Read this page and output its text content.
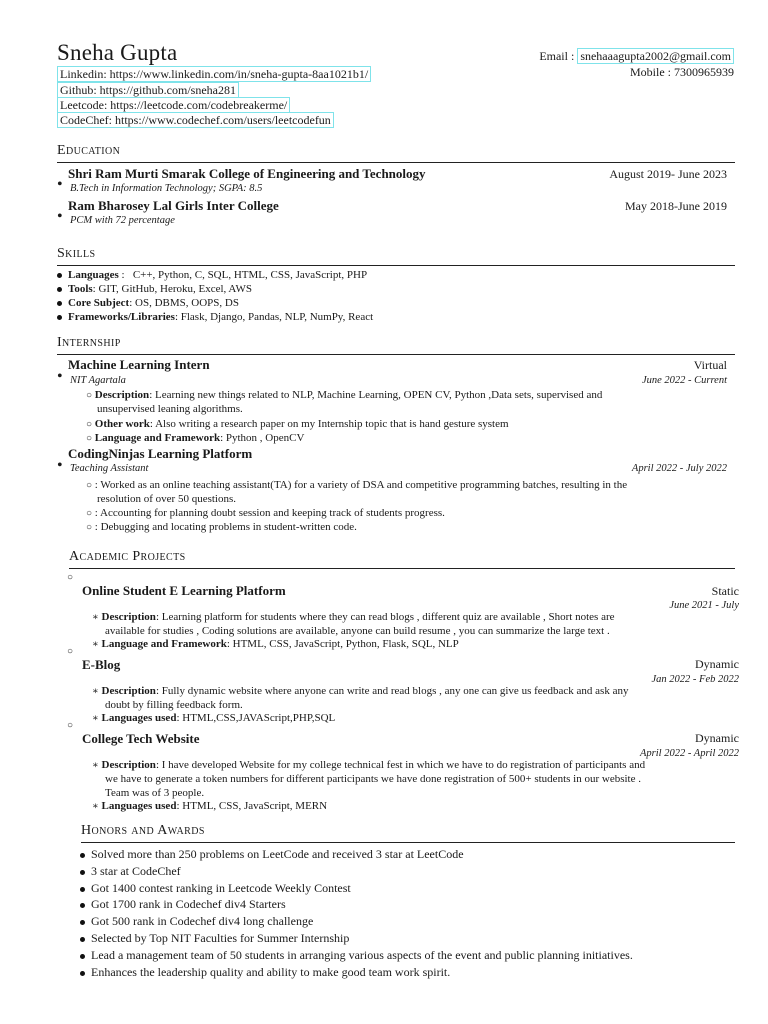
Sneha Gupta
Linkedin: https://www.linkedin.com/in/sneha-gupta-8aa1021b1/
Github: https://github.com/sneha281
Leetcode: https://leetcode.com/codebreakerme/
CodeChef: https://www.codechef.com/users/leetcodefun
Email : snehaaagupta2002@gmail.com
Mobile : 7300965939
Education
•
Shri Ram Murti Smarak College of Engineering and Technology	August 2019- June 2023
B.Tech in Information Technology; SGPA: 8.5
•
Ram Bharosey Lal Girls Inter College	May 2018-June 2019
PCM with 72 percentage
Skills
Languages :   C++, Python, C, SQL, HTML, CSS, JavaScript, PHP
Tools: GIT, GitHub, Heroku, Excel, AWS
Core Subject: OS, DBMS, OOPS, DS
Frameworks/Libraries: Flask, Django, Pandas, NLP, NumPy, React
Internship
•
Machine Learning Intern	Virtual
NIT Agartala	June 2022 - Current
○ Description: Learning new things related to NLP, Machine Learning, OPEN CV, Python ,Data sets, supervised and
unsupervised leaning algorithms.
○ Other work: Also writing a research paper on my Internship topic that is hand gesture system
○ Language and Framework: Python , OpenCV
•
CodingNinjas Learning Platform
Teaching Assistant	April 2022 - July 2022
○ : Worked as an online teaching assistant(TA) for a variety of DSA and competitive programming batches, resulting in the
resolution of over 50 questions.
○ : Accounting for planning doubt session and keeping track of students progress.
○ : Debugging and locating problems in student-written code.
Academic Projects
○
Online Student E Learning Platform	Static
June 2021 - July
∗ Description: Learning platform for students where they can read blogs , different quiz are available , Short notes are
available for studies , Coding solutions are available, anyone can build resume , you can summarize the large text .
∗ Language and Framework: HTML, CSS, JavaScript, Python, Flask, SQL, NLP
○
E-Blog	Dynamic
Jan 2022 - Feb 2022
∗ Description: Fully dynamic website where anyone can write and read blogs , any one can give us feedback and ask any
doubt by filling feedback form.
∗ Languages used: HTML,CSS,JAVAScript,PHP,SQL
○
College Tech Website	Dynamic
April 2022 - April 2022
∗ Description: I have developed Website for my college technical fest in which we have to do registration of participants and
we have to generate a token numbers for different participants we have done registration of 500+ students in our website .
Team was of 3 people.
∗ Languages used: HTML, CSS, JavaScript, MERN
Honors and Awards
Solved more than 250 problems on LeetCode and received 3 star at LeetCode
3 star at CodeChef
Got 1400 contest ranking in Leetcode Weekly Contest
Got 1700 rank in Codechef div4 Starters
Got 500 rank in Codechef div4 long challenge
Selected by Top NIT Faculties for Summer Internship
Lead a management team of 50 students in arranging various aspects of the event and public planning initiatives.
Enhances the leadership quality and ability to make good team work spirit.
